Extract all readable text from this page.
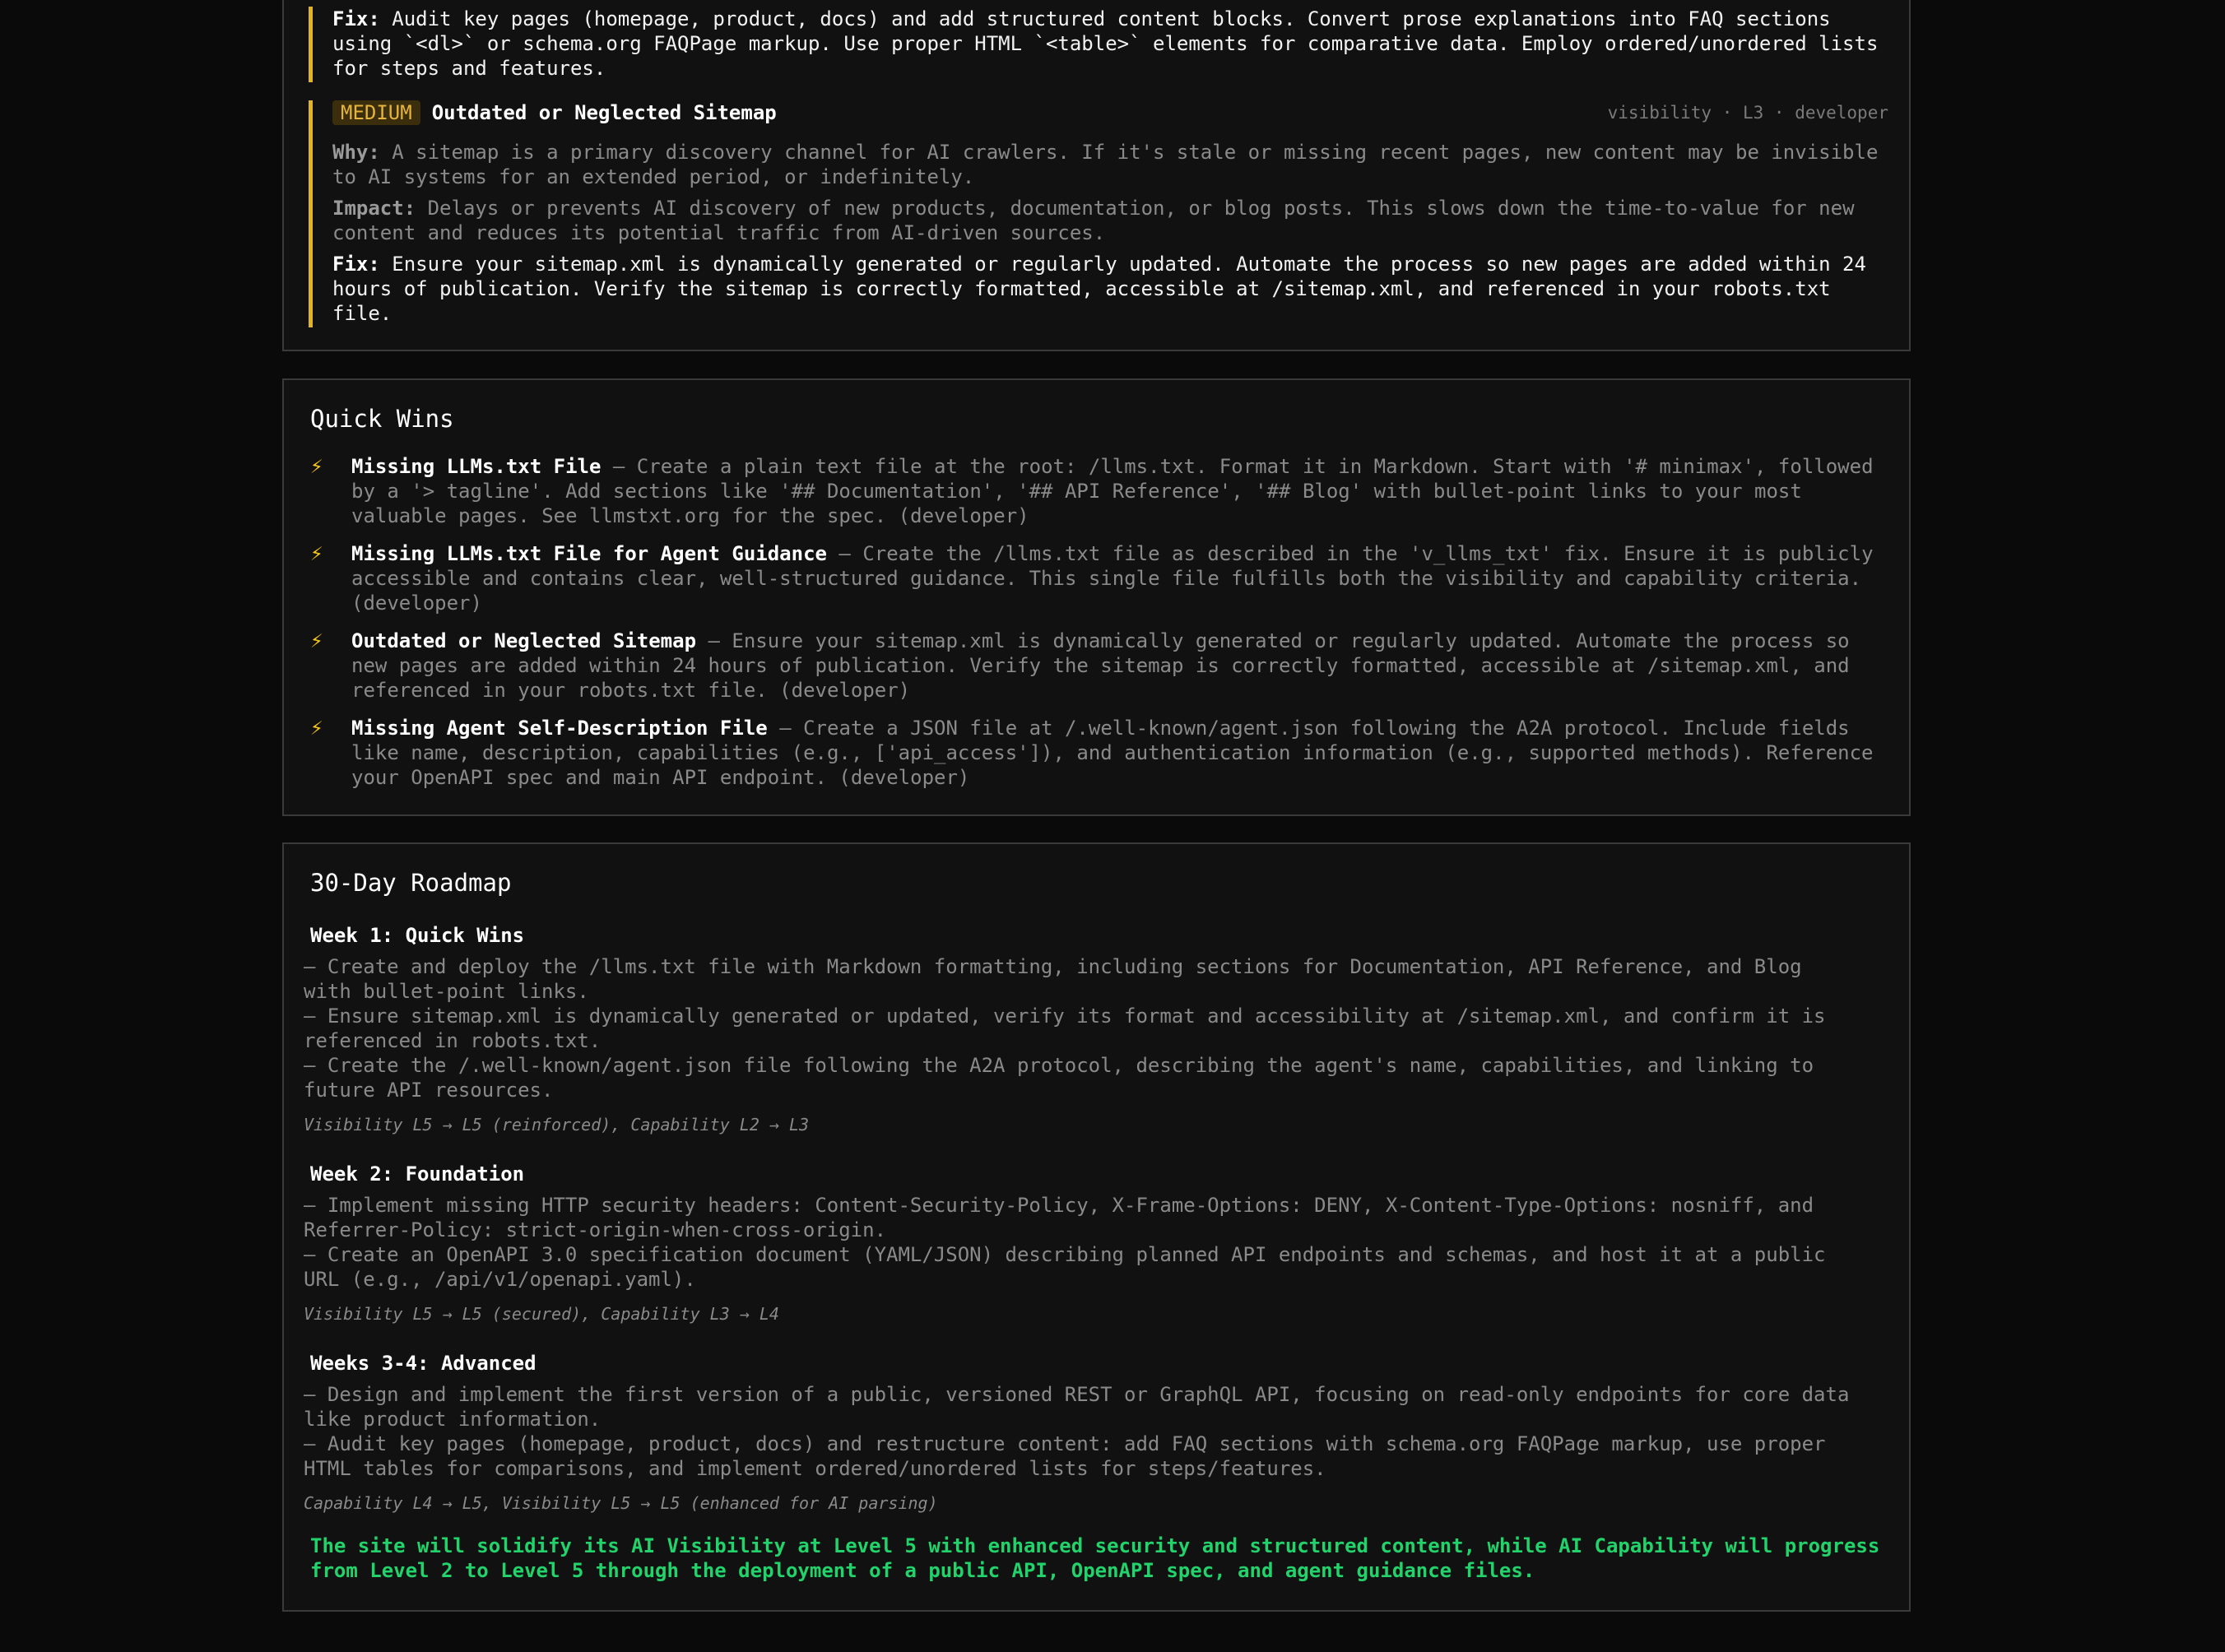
Fix: Audit key pages (homepage, product, docs) and add structured content blocks. Convert prose explanations into FAQ sections using `<dl>` or schema.org FAQPage markup. Use proper HTML `<table>` elements for comparative data. Employ ordered/unordered lists for steps and features.
MEDIUM Outdated or Neglected Sitemap	visibility · L3 · developer
Why: A sitemap is a primary discovery channel for AI crawlers. If it's stale or missing recent pages, new content may be invisible to AI systems for an extended period, or indefinitely.
Impact: Delays or prevents AI discovery of new products, documentation, or blog posts. This slows down the time-to-value for new content and reduces its potential traffic from AI-driven sources.
Fix: Ensure your sitemap.xml is dynamically generated or regularly updated. Automate the process so new pages are added within 24 hours of publication. Verify the sitemap is correctly formatted, accessible at /sitemap.xml, and referenced in your robots.txt file.
Quick Wins
⚡ Missing LLMs.txt File — Create a plain text file at the root: /llms.txt. Format it in Markdown. Start with '# minimax', followed by a '> tagline'. Add sections like '## Documentation', '## API Reference', '## Blog' with bullet-point links to your most valuable pages. See llmstxt.org for the spec. (developer)
⚡ Missing LLMs.txt File for Agent Guidance — Create the /llms.txt file as described in the 'v_llms_txt' fix. Ensure it is publicly accessible and contains clear, well-structured guidance. This single file fulfills both the visibility and capability criteria. (developer)
⚡ Outdated or Neglected Sitemap — Ensure your sitemap.xml is dynamically generated or regularly updated. Automate the process so new pages are added within 24 hours of publication. Verify the sitemap is correctly formatted, accessible at /sitemap.xml, and referenced in your robots.txt file. (developer)
⚡ Missing Agent Self-Description File — Create a JSON file at /.well-known/agent.json following the A2A protocol. Include fields like name, description, capabilities (e.g., ['api_access']), and authentication information (e.g., supported methods). Reference your OpenAPI spec and main API endpoint. (developer)
30-Day Roadmap
Week 1: Quick Wins
— Create and deploy the /llms.txt file with Markdown formatting, including sections for Documentation, API Reference, and Blog with bullet-point links.
— Ensure sitemap.xml is dynamically generated or updated, verify its format and accessibility at /sitemap.xml, and confirm it is referenced in robots.txt.
— Create the /.well-known/agent.json file following the A2A protocol, describing the agent's name, capabilities, and linking to future API resources.
Visibility L5 → L5 (reinforced), Capability L2 → L3
Week 2: Foundation
— Implement missing HTTP security headers: Content-Security-Policy, X-Frame-Options: DENY, X-Content-Type-Options: nosniff, and Referrer-Policy: strict-origin-when-cross-origin.
— Create an OpenAPI 3.0 specification document (YAML/JSON) describing planned API endpoints and schemas, and host it at a public URL (e.g., /api/v1/openapi.yaml).
Visibility L5 → L5 (secured), Capability L3 → L4
Weeks 3-4: Advanced
— Design and implement the first version of a public, versioned REST or GraphQL API, focusing on read-only endpoints for core data like product information.
— Audit key pages (homepage, product, docs) and restructure content: add FAQ sections with schema.org FAQPage markup, use proper HTML tables for comparisons, and implement ordered/unordered lists for steps/features.
Capability L4 → L5, Visibility L5 → L5 (enhanced for AI parsing)
The site will solidify its AI Visibility at Level 5 with enhanced security and structured content, while AI Capability will progress from Level 2 to Level 5 through the deployment of a public API, OpenAPI spec, and agent guidance files.
